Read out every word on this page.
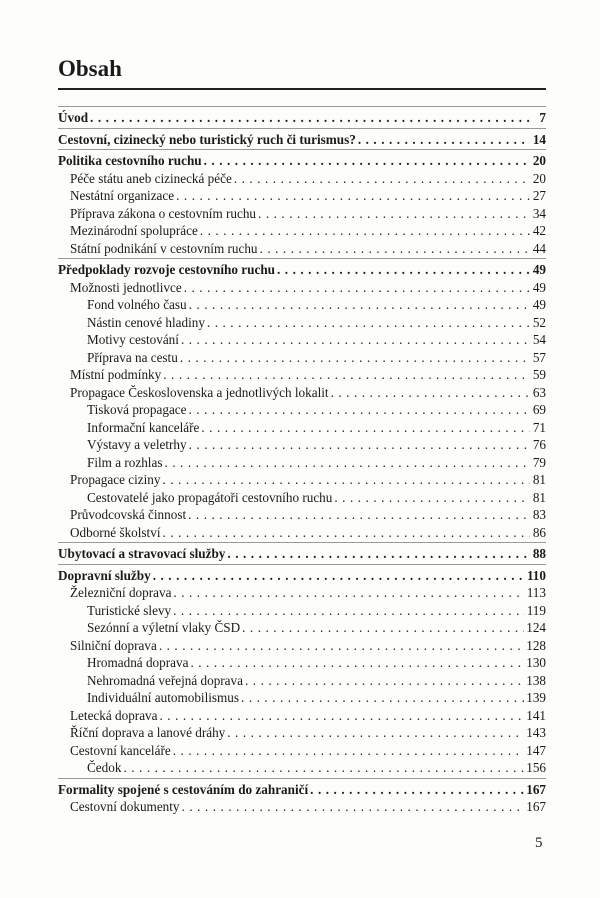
Obsah
Úvod . . .	7
Cestovní, cizinecký nebo turistický ruch či turismus? . . .	14
Politika cestovního ruchu . . .	20
Péče státu aneb cizinecká péče . . .	20
Nestátní organizace . . .	27
Příprava zákona o cestovním ruchu . . .	34
Mezinárodní spolupráce . . .	42
Státní podnikání v cestovním ruchu . . .	44
Předpoklady rozvoje cestovního ruchu . . .	49
Možnosti jednotlivce . . .	49
Fond volného času . . .	49
Nástin cenové hladiny . . .	52
Motivy cestování . . .	54
Příprava na cestu . . .	57
Místní podmínky . . .	59
Propagace Československa a jednotlivých lokalit . . .	63
Tisková propagace . . .	69
Informační kanceláře . . .	71
Výstavy a veletrhy . . .	76
Film a rozhlas . . .	79
Propagace ciziny . . .	81
Cestovatelé jako propagátoři cestovního ruchu . . .	81
Průvodcovská činnost . . .	83
Odborné školství . . .	86
Ubytovací a stravovací služby . . .	88
Dopravní služby . . .	110
Železniční doprava . . .	113
Turistické slevy . . .	119
Sezónní a výletní vlaky ČSD . . .	124
Silniční doprava . . .	128
Hromadná doprava . . .	130
Nehromadná veřejná doprava . . .	138
Individuální automobilismus . . .	139
Letecká doprava . . .	141
Říční doprava a lanové dráhy . . .	143
Cestovní kanceláře . . .	147
Čedok . . .	156
Formality spojené s cestováním do zahraničí . . .	167
Cestovní dokumenty . . .	167
5
